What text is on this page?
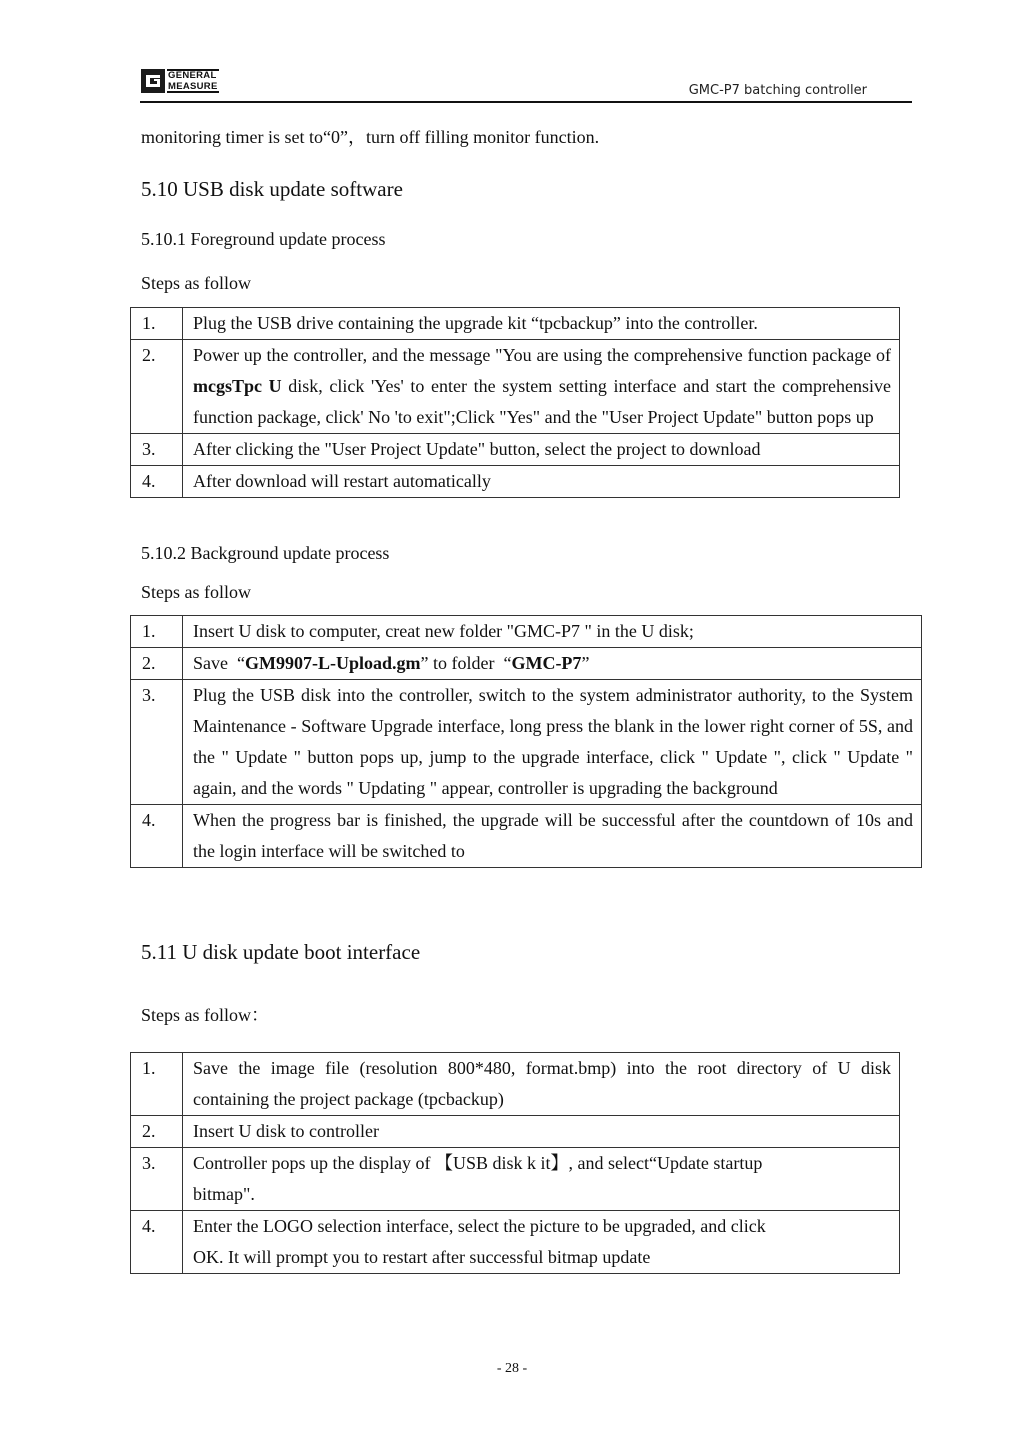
GENERAL
MEASURE	GMC-P7 batching controller
monitoring timer is set to“0”，turn off filling monitor function.
5.10 USB disk update software
5.10.1 Foreground update process
Steps as follow
1.	Plug the USB drive containing the upgrade kit “tpcbackup” into the controller.
2.	Power up the controller, and the message "You are using the comprehensive function package of mcgsTpc U disk, click 'Yes' to enter the system setting interface and start the comprehensive function package, click' No 'to exit";Click "Yes" and the "User Project Update" button pops up
3.	After clicking the "User Project Update" button, select the project to download
4.	After download will restart automatically
5.10.2 Background update process
Steps as follow
1.	Insert U disk to computer, creat new folder "GMC-P7 " in the U disk;
2.	Save  “GM9907-L-Upload.gm” to folder  “GMC-P7”
3.	Plug the USB disk into the controller, switch to the system administrator authority, to the System Maintenance - Software Upgrade interface, long press the blank in the lower right corner of 5S, and the " Update " button pops up, jump to the upgrade interface, click " Update ", click " Update " again, and the words " Updating " appear, controller is upgrading the background
4.	When the progress bar is finished, the upgrade will be successful after the countdown of 10s and the login interface will be switched to
5.11 U disk update boot interface
Steps as follow：
1.	Save the image file (resolution 800*480, format.bmp) into the root directory of U disk containing the project package (tpcbackup)
2.	Insert U disk to controller
3.	Controller pops up the display of 【USB disk k it】, and select“Update startup
bitmap".

4.	Enter the LOGO selection interface, select the picture to be upgraded, and click
OK. It will prompt you to restart after successful bitmap update
- 28 -
